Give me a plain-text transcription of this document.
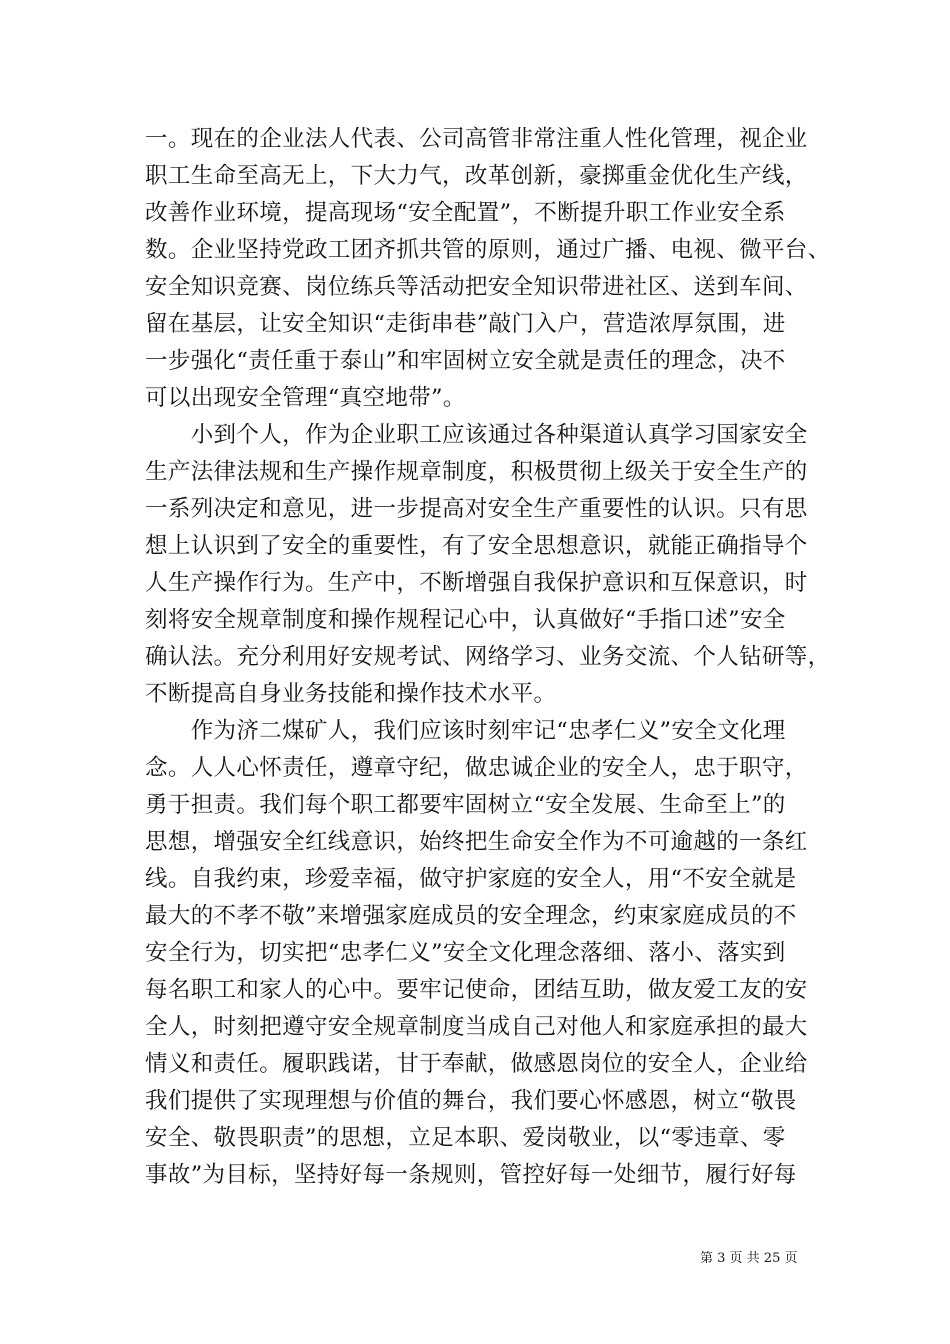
一。现在的企业法人代表、公司高管非常注重人性化管理，视企业
职工生命至高无上，下大力气，改革创新，豪掷重金优化生产线，
改善作业环境，提高现场“安全配置”，不断提升职工作业安全系
数。企业坚持党政工团齐抓共管的原则，通过广播、电视、微平台、
安全知识竞赛、岗位练兵等活动把安全知识带进社区、送到车间、
留在基层，让安全知识“走街串巷”敲门入户，营造浓厚氛围，进
一步强化“责任重于泰山”和牢固树立安全就是责任的理念，决不
可以出现安全管理“真空地带”。
　　小到个人，作为企业职工应该通过各种渠道认真学习国家安全
生产法律法规和生产操作规章制度，积极贯彻上级关于安全生产的
一系列决定和意见，进一步提高对安全生产重要性的认识。只有思
想上认识到了安全的重要性，有了安全思想意识，就能正确指导个
人生产操作行为。生产中，不断增强自我保护意识和互保意识，时
刻将安全规章制度和操作规程记心中，认真做好“手指口述”安全
确认法。充分利用好安规考试、网络学习、业务交流、个人钻研等，
不断提高自身业务技能和操作技术水平。
　　作为济二煤矿人，我们应该时刻牢记“忠孝仁义”安全文化理
念。人人心怀责任，遵章守纪，做忠诚企业的安全人，忠于职守，
勇于担责。我们每个职工都要牢固树立“安全发展、生命至上”的
思想，增强安全红线意识，始终把生命安全作为不可逾越的一条红
线。自我约束，珍爱幸福，做守护家庭的安全人，用“不安全就是
最大的不孝不敬”来增强家庭成员的安全理念，约束家庭成员的不
安全行为，切实把“忠孝仁义”安全文化理念落细、落小、落实到
每名职工和家人的心中。要牢记使命，团结互助，做友爱工友的安
全人，时刻把遵守安全规章制度当成自己对他人和家庭承担的最大
情义和责任。履职践诺，甘于奉献，做感恩岗位的安全人，企业给
我们提供了实现理想与价值的舞台，我们要心怀感恩，树立“敬畏
安全、敬畏职责”的思想，立足本职、爱岗敬业，以“零违章、零
事故”为目标，坚持好每一条规则，管控好每一处细节，履行好每
第 3 页 共 25 页
